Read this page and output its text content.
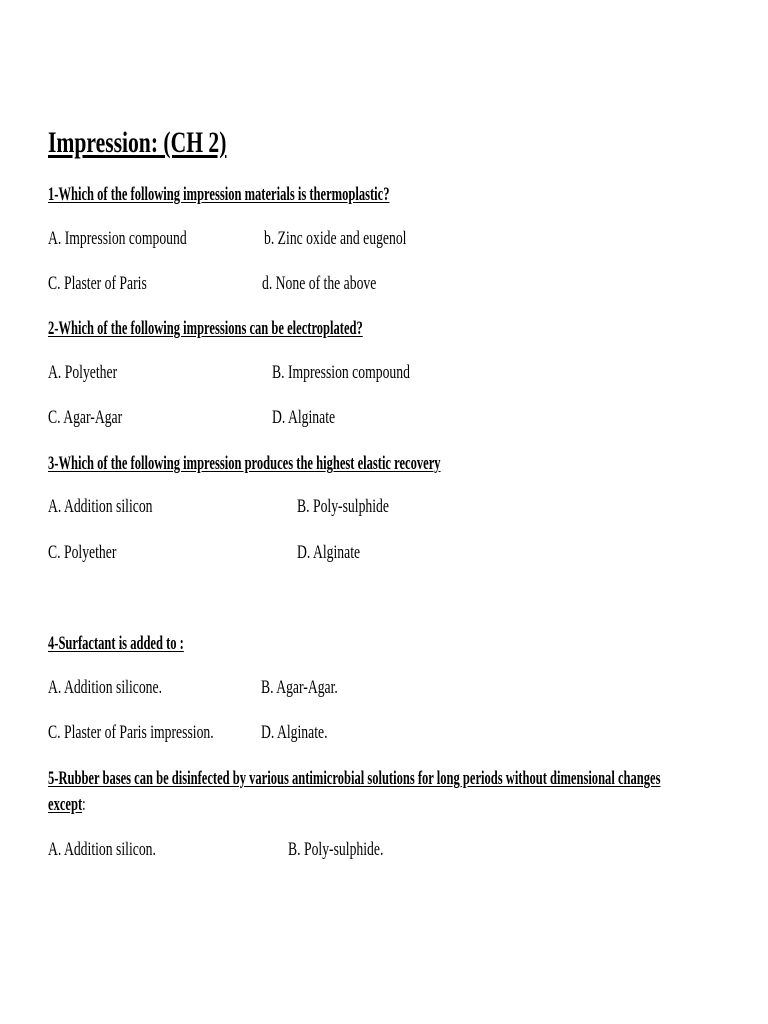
Impression: (CH 2)
1-Which of the following impression materials is thermoplastic?
A. Impression compound	b. Zinc oxide and eugenol
C. Plaster of Paris	d. None of the above
2-Which of the following impressions can be electroplated?
A. Polyether	B. Impression compound
C. Agar-Agar	D. Alginate
3-Which of the following impression produces the highest elastic recovery
A. Addition silicon	B. Poly-sulphide
C. Polyether	D. Alginate
4-Surfactant is added to :
A. Addition silicone.	B. Agar-Agar.
C. Plaster of Paris impression. D. Alginate.
5-Rubber bases can be disinfected by various antimicrobial solutions for long periods without dimensional changes
except:
A. Addition silicon.	B. Poly-sulphide.
